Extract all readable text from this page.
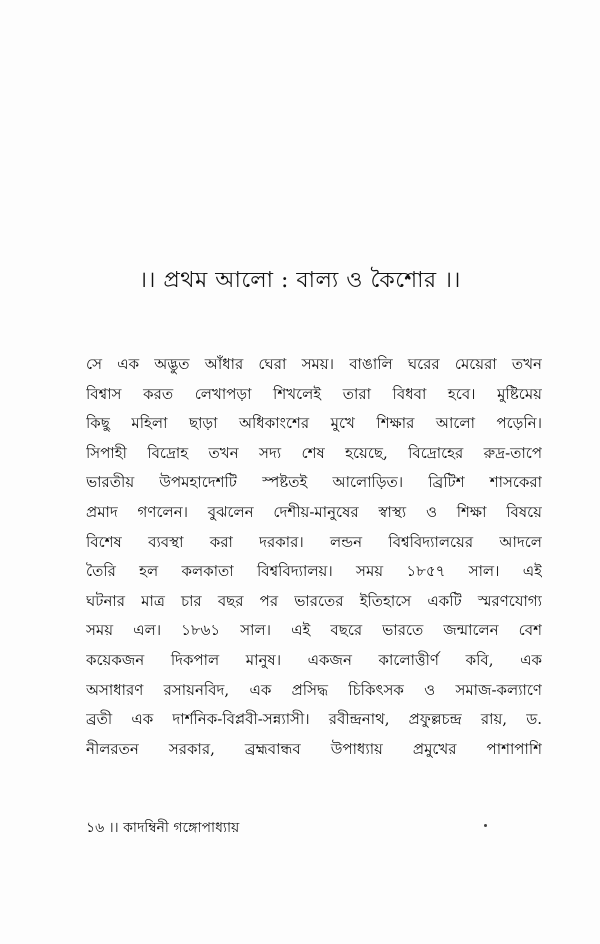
।। প্রথম আলো : বাল্য ও কৈশোর ।।
সে এক অদ্ভুত আঁধার ঘেরা সময়। বাঙালি ঘরের মেয়েরা তখন
বিশ্বাস করত লেখাপড়া শিখলেই তারা বিধবা হবে। মুষ্টিমেয়
কিছু মহিলা ছাড়া অধিকাংশের মুখে শিক্ষার আলো পড়েনি।
সিপাহী বিদ্রোহ তখন সদ্য শেষ হয়েছে, বিদ্রোহের রুদ্র-তাপে
ভারতীয় উপমহাদেশটি স্পষ্টতই আলোড়িত। ব্রিটিশ শাসকেরা
প্রমাদ গণলেন। বুঝলেন দেশীয়-মানুষের স্বাস্থ্য ও শিক্ষা বিষয়ে
বিশেষ ব্যবস্থা করা দরকার। লন্ডন বিশ্ববিদ্যালয়ের আদলে
তৈরি হল কলকাতা বিশ্ববিদ্যালয়। সময় ১৮৫৭ সাল। এই
ঘটনার মাত্র চার বছর পর ভারতের ইতিহাসে একটি স্মরণযোগ্য
সময় এল। ১৮৬১ সাল। এই বছরে ভারতে জন্মালেন বেশ
কয়েকজন দিকপাল মানুষ। একজন কালোত্তীর্ণ কবি, এক
অসাধারণ রসায়নবিদ, এক প্রসিদ্ধ চিকিৎসক ও সমাজ-কল্যাণে
ব্রতী এক দার্শনিক-বিপ্লবী-সন্ন্যাসী। রবীন্দ্রনাথ, প্রফুল্লচন্দ্র রায়, ড.
নীলরতন সরকার, ব্রহ্মবান্ধব উপাধ্যায় প্রমুখের পাশাপাশি
১৬ ।। কাদম্বিনী গঙ্গোপাধ্যায়
